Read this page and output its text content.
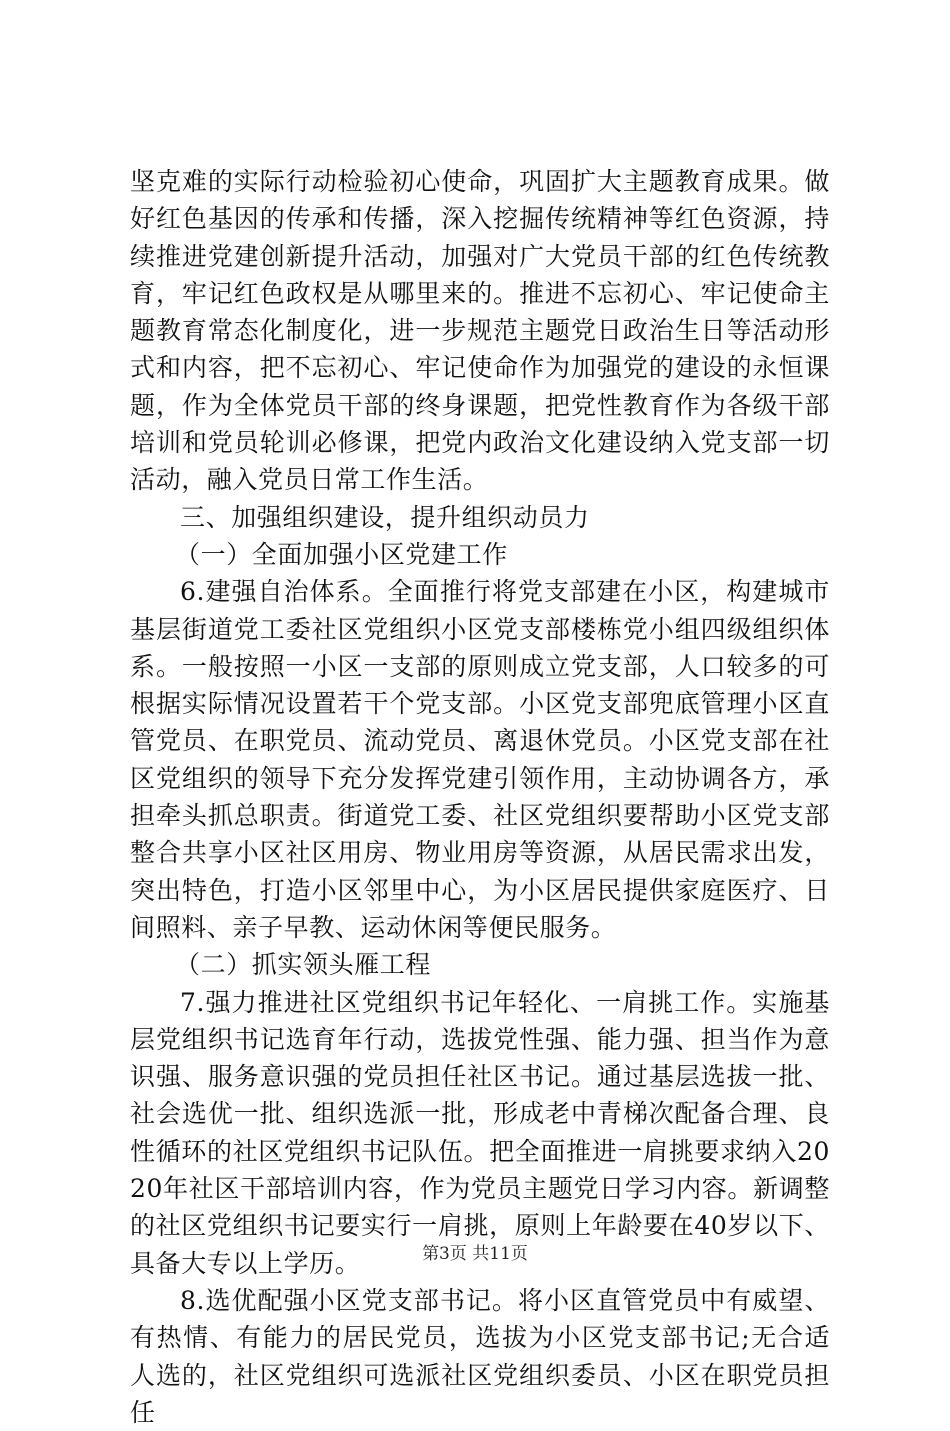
坚克难的实际行动检验初心使命，巩固扩大主题教育成果。做好红色基因的传承和传播，深入挖掘传统精神等红色资源，持续推进党建创新提升活动，加强对广大党员干部的红色传统教育，牢记红色政权是从哪里来的。推进不忘初心、牢记使命主题教育常态化制度化，进一步规范主题党日政治生日等活动形式和内容，把不忘初心、牢记使命作为加强党的建设的永恒课题，作为全体党员干部的终身课题，把党性教育作为各级干部培训和党员轮训必修课，把党内政治文化建设纳入党支部一切活动，融入党员日常工作生活。

三、加强组织建设，提升组织动员力

（一）全面加强小区党建工作

6.建强自治体系。全面推行将党支部建在小区，构建城市基层街道党工委社区党组织小区党支部楼栋党小组四级组织体系。一般按照一小区一支部的原则成立党支部，人口较多的可根据实际情况设置若干个党支部。小区党支部兜底管理小区直管党员、在职党员、流动党员、离退休党员。小区党支部在社区党组织的领导下充分发挥党建引领作用，主动协调各方，承担牵头抓总职责。街道党工委、社区党组织要帮助小区党支部整合共享小区社区用房、物业用房等资源，从居民需求出发，突出特色，打造小区邻里中心，为小区居民提供家庭医疗、日间照料、亲子早教、运动休闲等便民服务。

（二）抓实领头雁工程

7.强力推进社区党组织书记年轻化、一肩挑工作。实施基层党组织书记选育年行动，选拔党性强、能力强、担当作为意识强、服务意识强的党员担任社区书记。通过基层选拔一批、社会选优一批、组织选派一批，形成老中青梯次配备合理、良性循环的社区党组织书记队伍。把全面推进一肩挑要求纳入2020年社区干部培训内容，作为党员主题党日学习内容。新调整的社区党组织书记要实行一肩挑，原则上年龄要在40岁以下、具备大专以上学历。

8.选优配强小区党支部书记。将小区直管党员中有威望、有热情、有能力的居民党员，选拔为小区党支部书记;无合适人选的，社区党组织可选派社区党组织委员、小区在职党员担任

第3页 共11页
